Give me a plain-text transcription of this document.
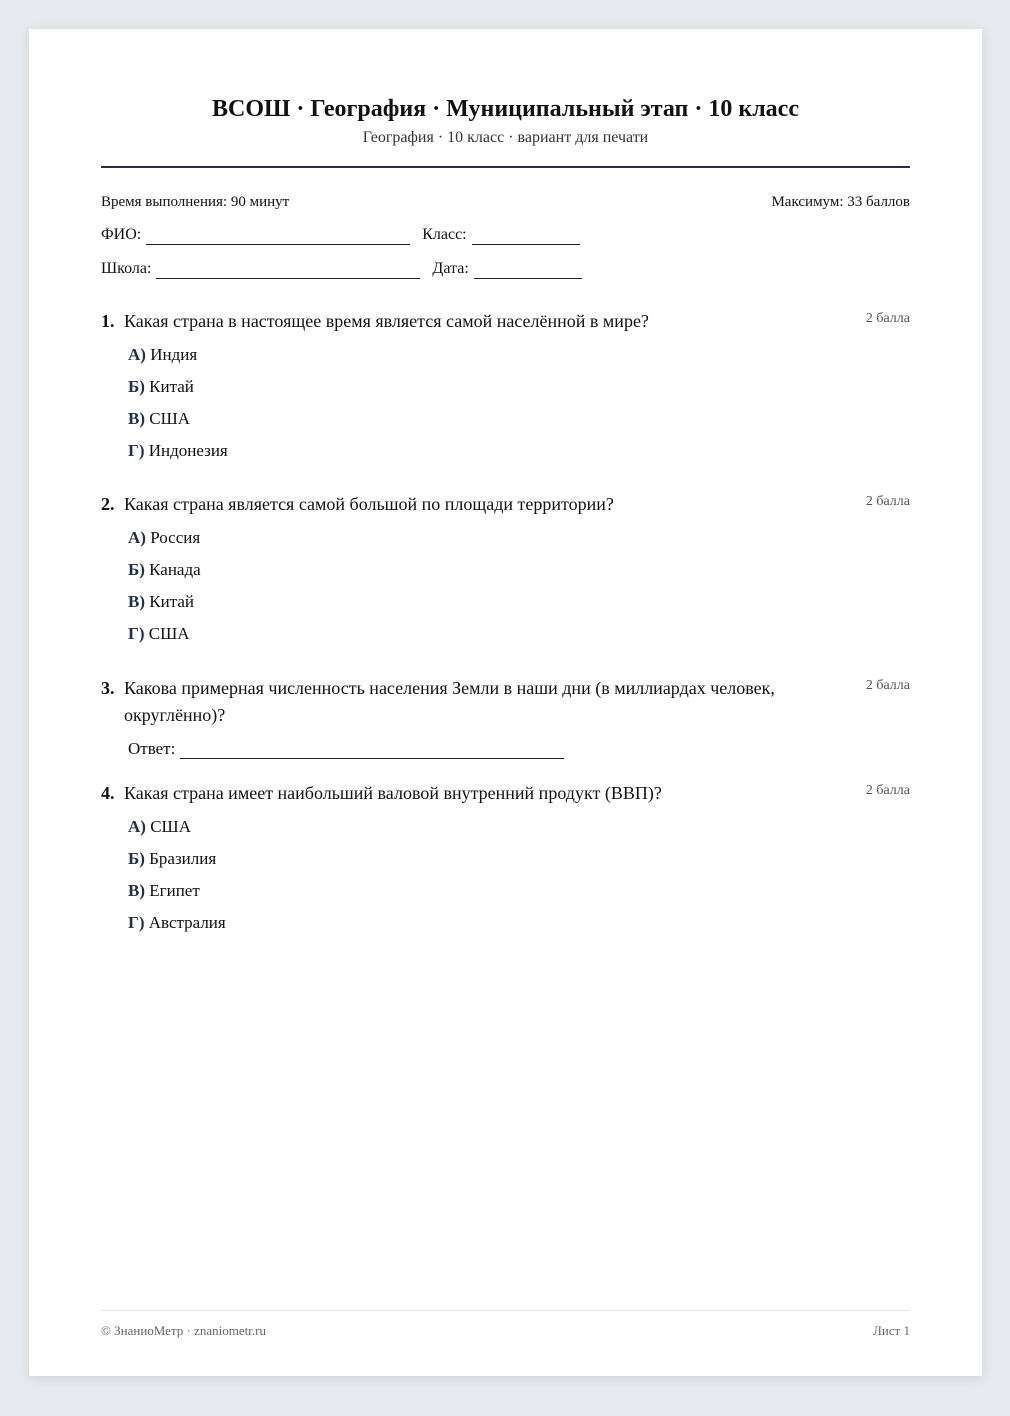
ВСОШ · География · Муниципальный этап · 10 класс
География · 10 класс · вариант для печати
Время выполнения: 90 минут	Максимум: 33 баллов
ФИО:	Класс:
Школа:	Дата:
1. Какая страна в настоящее время является самой населённой в мире?	2 балла
А) Индия
Б) Китай
В) США
Г) Индонезия
2. Какая страна является самой большой по площади территории?	2 балла
А) Россия
Б) Канада
В) Китай
Г) США
3. Какова примерная численность населения Земли в наши дни (в миллиардах человек, округлённо)?
2 балла
Ответ:
4. Какая страна имеет наибольший валовой внутренний продукт (ВВП)?	2 балла
А) США
Б) Бразилия
В) Египет
Г) Австралия
© ЗнаниоМетр · znaniometr.ru	Лист 1
